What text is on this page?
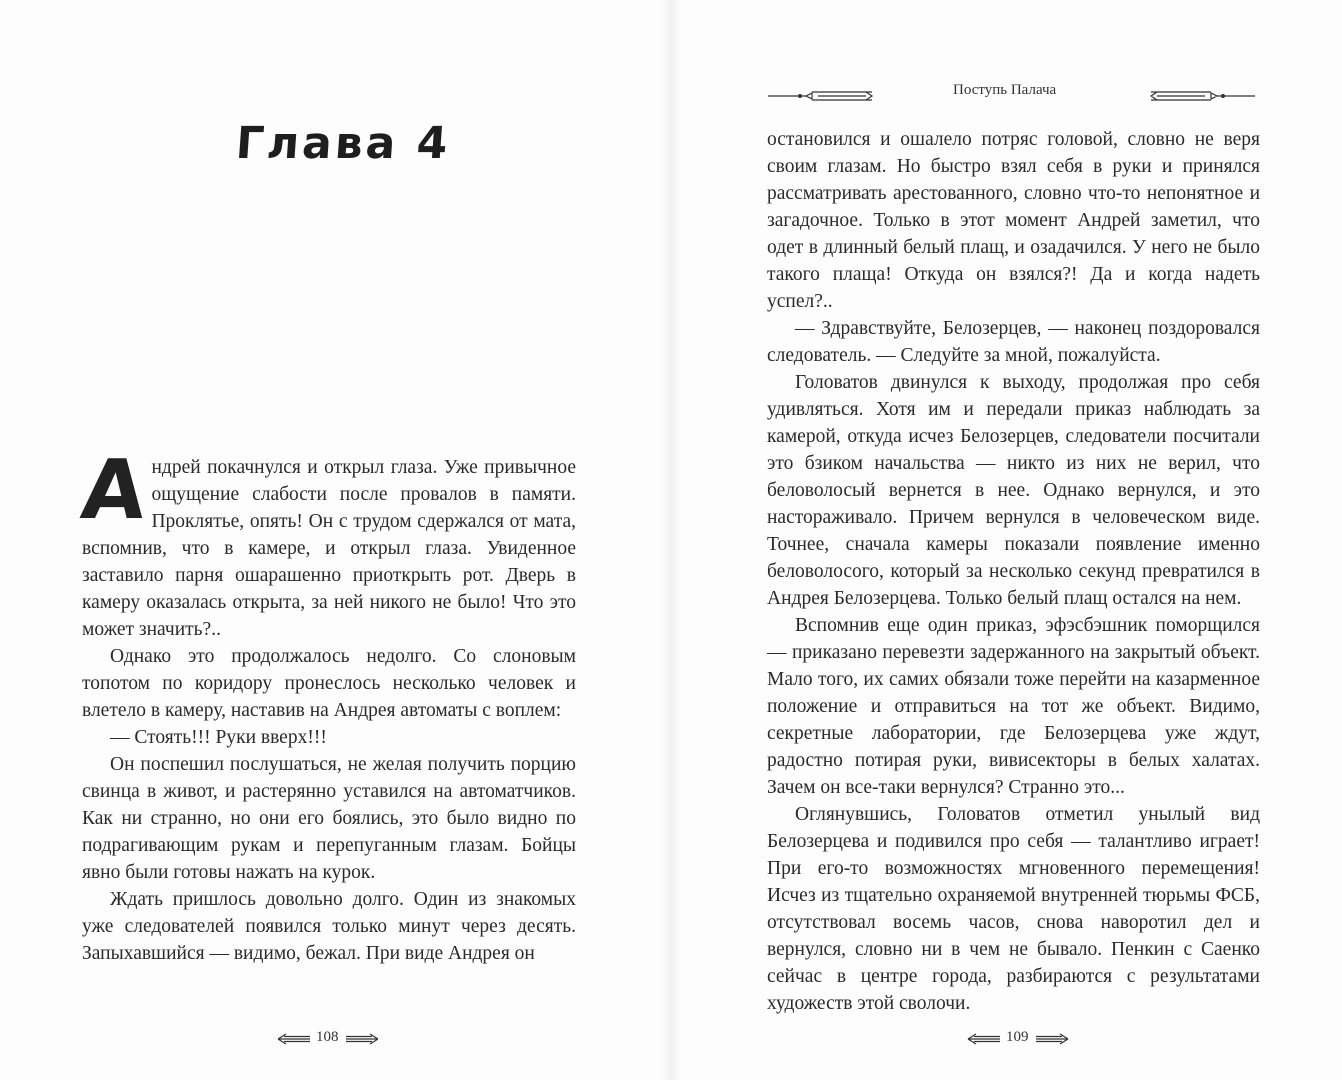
Глава 4

Андрей покачнулся и открыл глаза. Уже привычное ощущение слабости после провалов в памяти. Проклятье, опять! Он с трудом сдержался от мата, вспомнив, что в камере, и открыл глаза. Увиденное заставило парня ошарашенно приоткрыть рот. Дверь в камеру оказалась открыта, за ней никого не было! Что это может значить?..

Однако это продолжалось недолго. Со слоновым топотом по коридору пронеслось несколько человек и влетело в камеру, наставив на Андрея автоматы с воплем:

— Стоять!!! Руки вверх!!!

Он поспешил послушаться, не желая получить порцию свинца в живот, и растерянно уставился на автоматчиков. Как ни странно, но они его боялись, это было видно по подрагивающим рукам и перепуганным глазам. Бойцы явно были готовы нажать на курок.

Ждать пришлось довольно долго. Один из знакомых уже следователей появился только минут через десять. Запыхавшийся — видимо, бежал. При виде Андрея он

108
Поступь Палача

остановился и ошалело потряс головой, словно не веря своим глазам. Но быстро взял себя в руки и принялся рассматривать арестованного, словно что-то непонятное и загадочное. Только в этот момент Андрей заметил, что одет в длинный белый плащ, и озадачился. У него не было такого плаща! Откуда он взялся?! Да и когда надеть успел?..

— Здравствуйте, Белозерцев, — наконец поздоровался следователь. — Следуйте за мной, пожалуйста.

Головатов двинулся к выходу, продолжая про себя удивляться. Хотя им и передали приказ наблюдать за камерой, откуда исчез Белозерцев, следователи посчитали это бзиком начальства — никто из них не верил, что беловолосый вернется в нее. Однако вернулся, и это настораживало. Причем вернулся в человеческом виде. Точнее, сначала камеры показали появление именно беловолосого, который за несколько секунд превратился в Андрея Белозерцева. Только белый плащ остался на нем.

Вспомнив еще один приказ, эфэсбэшник поморщился — приказано перевезти задержанного на закрытый объект. Мало того, их самих обязали тоже перейти на казарменное положение и отправиться на тот же объект. Видимо, секретные лаборатории, где Белозерцева уже ждут, радостно потирая руки, вивисекторы в белых халатах. Зачем он все-таки вернулся? Странно это...

Оглянувшись, Головатов отметил унылый вид Белозерцева и подивился про себя — талантливо играет! При его-то возможностях мгновенного перемещения! Исчез из тщательно охраняемой внутренней тюрьмы ФСБ, отсутствовал восемь часов, снова наворотил дел и вернулся, словно ни в чем не бывало. Пенкин с Саенко сейчас в центре города, разбираются с результатами художеств этой сволочи.

109
